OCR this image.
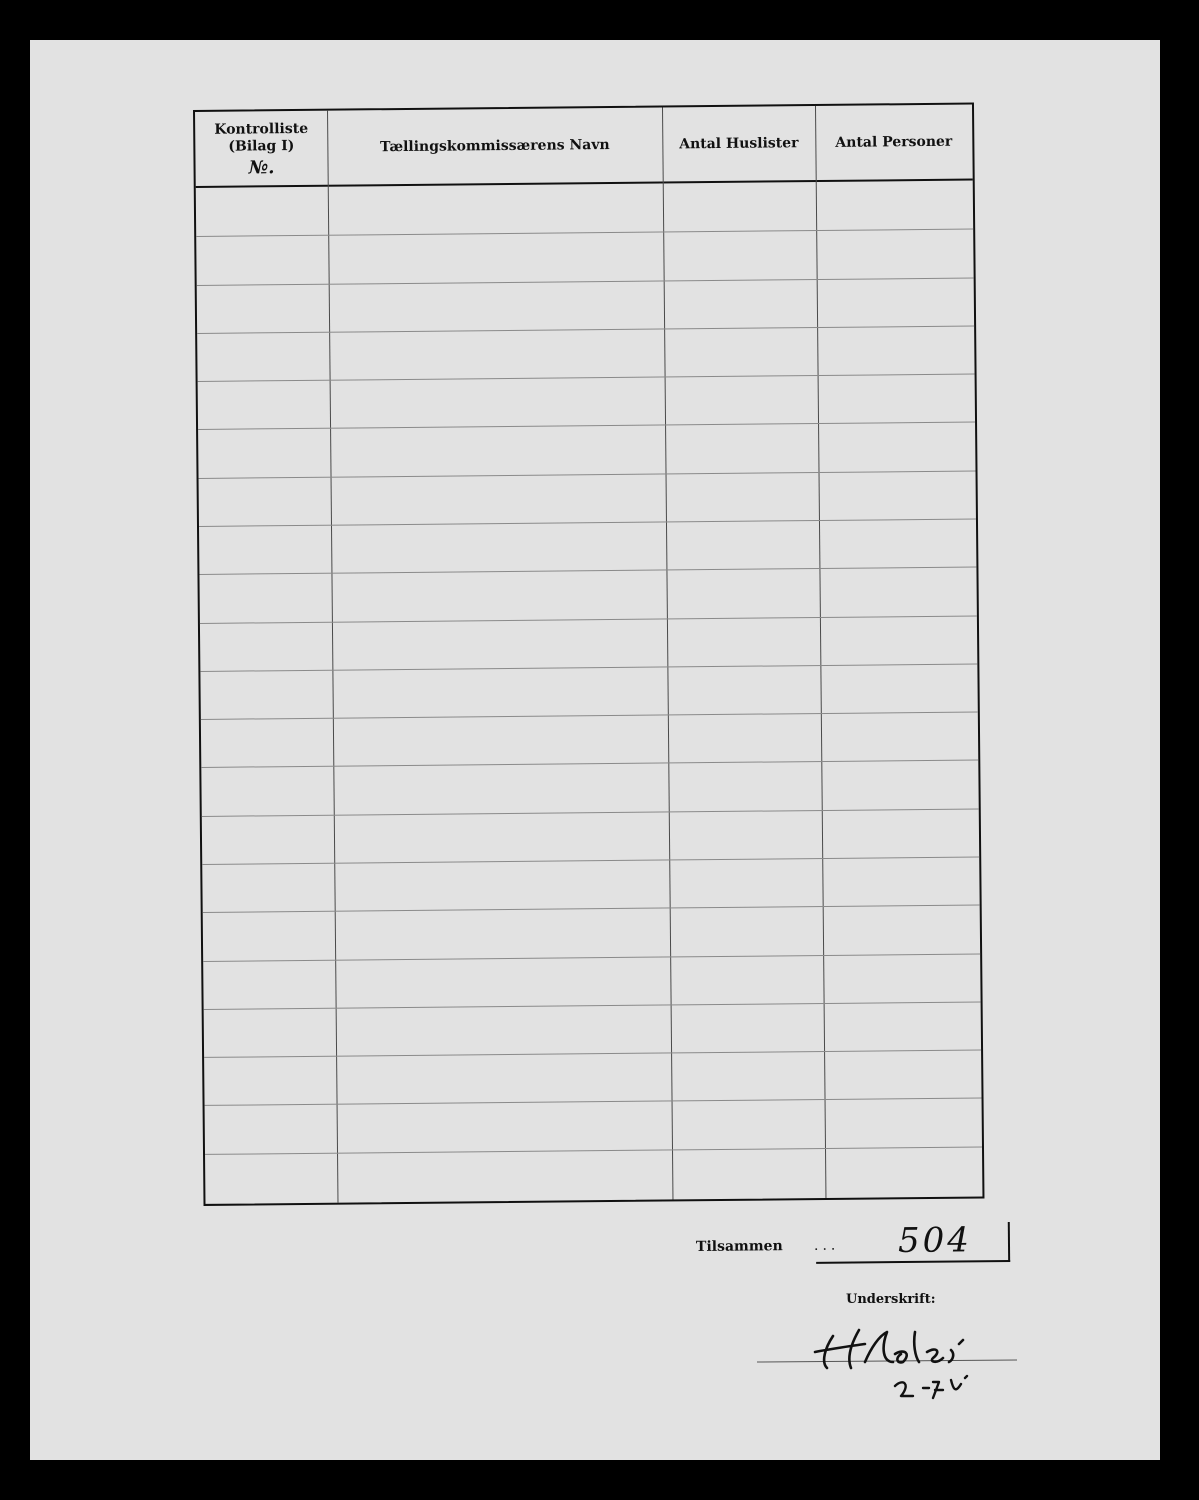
Kontrolliste
(Bilag I)
№.
Tællingskommissærens Navn	Antal Huslister	Antal Personer
Tilsammen ... 504
Underskrift:
